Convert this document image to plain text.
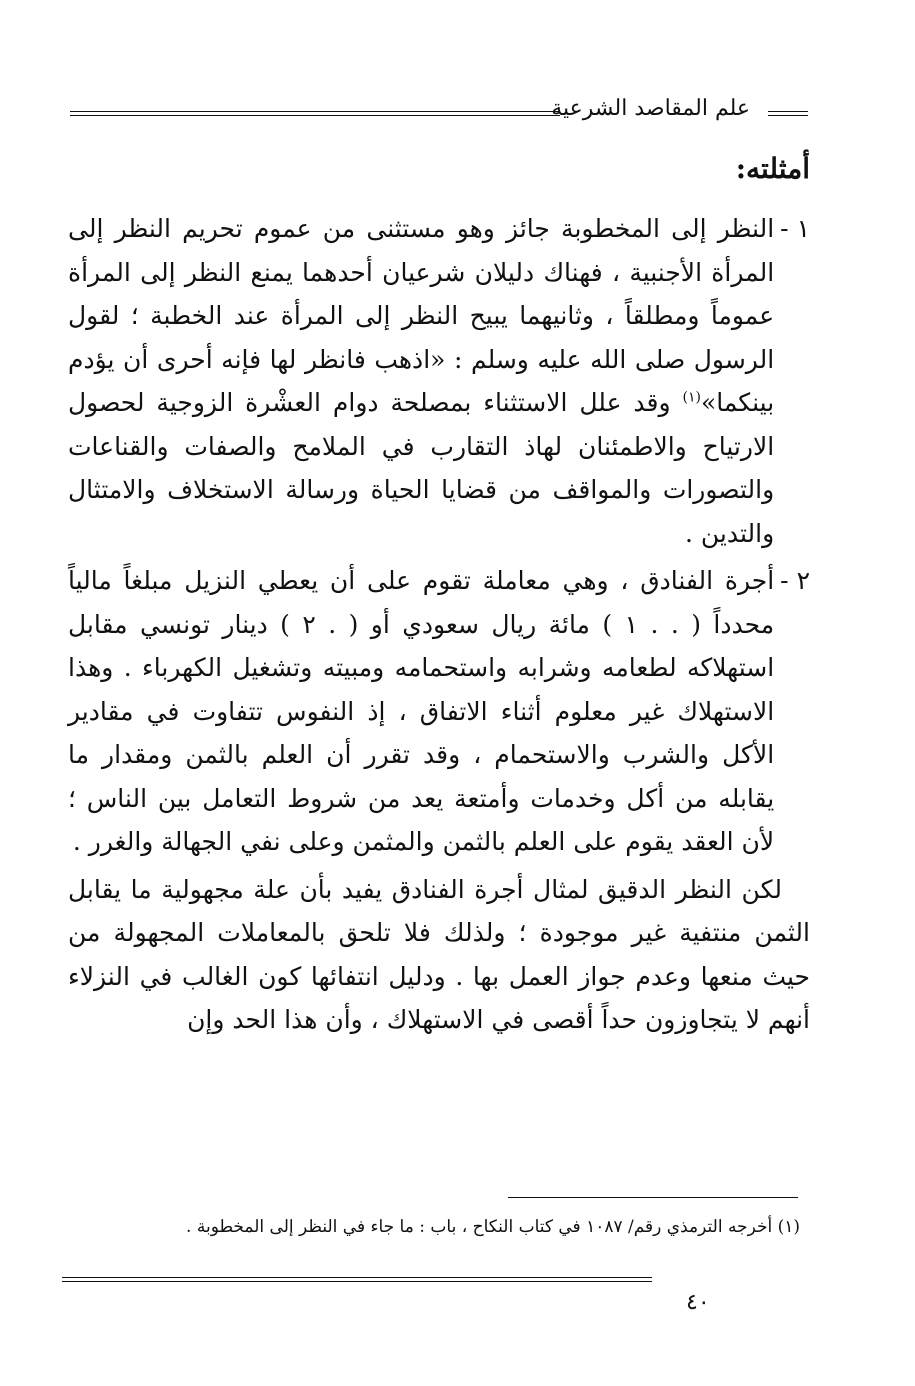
علم المقاصد الشرعية
أمثلته:
١ -
النظر إلى المخطوبة جائز وهو مستثنى من عموم تحريم النظر إلى المرأة الأجنبية ، فهناك دليلان شرعيان أحدهما يمنع النظر إلى المرأة عموماً ومطلقاً ، وثانيهما يبيح النظر إلى المرأة عند الخطبة ؛ لقول الرسول صلى الله عليه وسلم : «اذهب فانظر لها فإنه أحرى أن يؤدم بينكما»$^{(١)}$ وقد علل الاستثناء بمصلحة دوام العشْرة الزوجية لحصول الارتياح والاطمئنان لهاذ التقارب في الملامح والصفات والقناعات والتصورات والمواقف من قضايا الحياة ورسالة الاستخلاف والامتثال والتدين .
٢ -
أجرة الفنادق ، وهي معاملة تقوم على أن يعطي النزيل مبلغاً مالياً محدداً ( . . ١ ) مائة ريال سعودي أو ( . ٢ ) دينار تونسي مقابل استهلاكه لطعامه وشرابه واستحمامه ومبيته وتشغيل الكهرباء . وهذا الاستهلاك غير معلوم أثناء الاتفاق ، إذ النفوس تتفاوت في مقادير الأكل والشرب والاستحمام ، وقد تقرر أن العلم بالثمن ومقدار ما يقابله من أكل وخدمات وأمتعة يعد من شروط التعامل بين الناس ؛ لأن العقد يقوم على العلم بالثمن والمثمن وعلى نفي الجهالة والغرر .
لكن النظر الدقيق لمثال أجرة الفنادق يفيد بأن علة مجهولية ما يقابل الثمن منتفية غير موجودة ؛ ولذلك فلا تلحق بالمعاملات المجهولة من حيث منعها وعدم جواز العمل بها . ودليل انتفائها كون الغالب في النزلاء أنهم لا يتجاوزون حداً أقصى في الاستهلاك ، وأن هذا الحد وإن
(١) أخرجه الترمذي رقم/ ١٠٨٧ في كتاب النكاح ، باب : ما جاء في النظر إلى المخطوبة .
٤٠
